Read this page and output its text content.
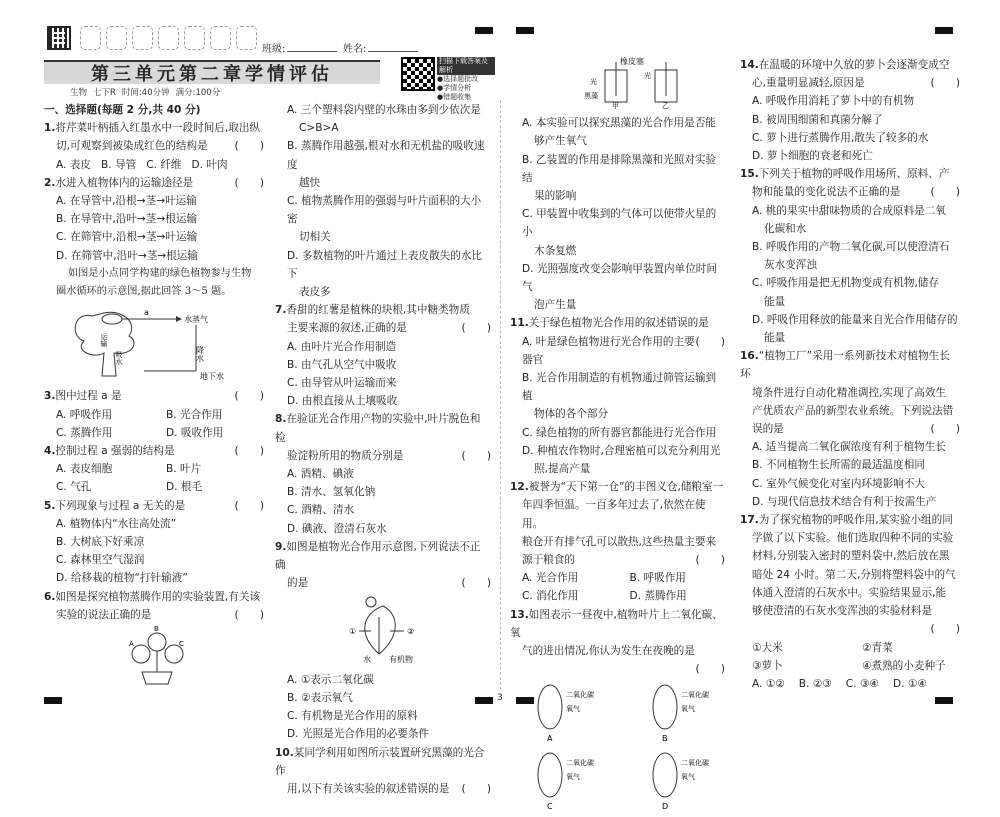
班级:	姓名:
第三单元第二章学情评估
生物 七下R 时间:40分钟 满分:100分
扫描下载答案及解析
●选择题批改
●学情分析
●错题收集
一、选择题(每题 2 分,共 40 分)
1.将芹菜叶柄插入红墨水中一段时间后,取出纵
切,可观察到被染成红色的结构是	(　　)
A. 表皮 B. 导管 C. 纤维 D. 叶肉
2.水进入植物体内的运输途径是	(　　)
A. 在导管中,沿根→茎→叶运输
B. 在导管中,沿叶→茎→根运输
C. 在筛管中,沿根→茎→叶运输
D. 在筛管中,沿叶→茎→根运输
如图是小点同学构建的绿色植物参与生物
圈水循环的示意图,据此回答 3～5 题。
a
水蒸气
降水
地下水
运输
吸水
3.图中过程 a 是	(　　)
A. 呼吸作用	B. 光合作用
C. 蒸腾作用	D. 吸收作用
4.控制过程 a 强弱的结构是	(　　)
A. 表皮细胞	B. 叶片
C. 气孔	D. 根毛
5.下列现象与过程 a 无关的是	(　　)
A. 植物体内“水往高处流”
B. 大树底下好乘凉
C. 森林里空气湿润
D. 给移栽的植物“打针输液”
6.如图是探究植物蒸腾作用的实验装置,有关该
实验的说法正确的是	(　　)
B
A	C
A. 三个塑料袋内壁的水珠由多到少依次是
C>B>A
B. 蒸腾作用越强,根对水和无机盐的吸收速度
越快
C. 植物蒸腾作用的强弱与叶片面积的大小密
切相关
D. 多数植物的叶片通过上表皮散失的水比下
表皮多
7.香甜的红薯是植株的块根,其中糖类物质
主要来源的叙述,正确的是	(　　)
A. 由叶片光合作用制造
B. 由气孔从空气中吸收
C. 由导管从叶运输而来
D. 由根直接从土壤吸收
8.在验证光合作用产物的实验中,叶片脱色和检
验淀粉所用的物质分别是	(　　)
A. 酒精、碘液
B. 清水、氢氧化钠
C. 酒精、清水
D. 碘液、澄清石灰水
9.如图是植物光合作用示意图,下列说法不正确
的是	(　　)
①	②
水 有机物
A. ①表示二氧化碳
B. ②表示氧气
C. 有机物是光合作用的原料
D. 光照是光合作用的必要条件
10.某同学利用如图所示装置研究黑藻的光合作
用,以下有关该实验的叙述错误的是 (　　)
3
橡皮塞
光
光
黑藻
甲	乙
A. 本实验可以探究黑藻的光合作用是否能
够产生氧气
B. 乙装置的作用是排除黑藻和光照对实验结
果的影响
C. 甲装置中收集到的气体可以使带火星的小
木条复燃
D. 光照强度改变会影响甲装置内单位时间气
泡产生量
11.关于绿色植物光合作用的叙述错误的是
(　　)
A. 叶是绿色植物进行光合作用的主要器官
B. 光合作用制造的有机物通过筛管运输到植
物体的各个部分
C. 绿色植物的所有器官都能进行光合作用
D. 种植农作物时,合理密植可以充分利用光
照,提高产量
12.被誉为“天下第一仓”的丰图义仓,储粮室一
年四季恒温。一百多年过去了,依然在使用。
粮仓开有排气孔可以散热,这些热量主要来
源于粮食的	(　　)
A. 光合作用	B. 呼吸作用
C. 消化作用	D. 蒸腾作用
13.如图表示一昼夜中,植物叶片上二氧化碳、氧
气的进出情况,你认为发生在夜晚的是
(　　)
二氧化碳
氧气
A
二氧化碳
氧气
B
二氧化碳
氧气
C
二氧化碳
氧气
D
14.在温暖的环境中久放的萝卜会逐渐变成空
心,重量明显减轻,原因是	(　　)
A. 呼吸作用消耗了萝卜中的有机物
B. 被周围细菌和真菌分解了
C. 萝卜进行蒸腾作用,散失了较多的水
D. 萝卜细胞的衰老和死亡
15.下列关于植物的呼吸作用场所、原料、产
物和能量的变化说法不正确的是	(　　)
A. 桃的果实中甜味物质的合成原料是二氧
化碳和水
B. 呼吸作用的产物二氧化碳,可以使澄清石
灰水变浑浊
C. 呼吸作用是把无机物变成有机物,储存
能量
D. 呼吸作用释放的能量来自光合作用储存的
能量
16.“植物工厂”采用一系列新技术对植物生长环
境条件进行自动化精准调控,实现了高效生
产优质农产品的新型农业系统。下列说法错
误的是	(　　)
A. 适当提高二氧化碳浓度有利于植物生长
B. 不同植物生长所需的最适温度相同
C. 室外气候变化对室内环境影响不大
D. 与现代信息技术结合有利于按需生产
17.为了探究植物的呼吸作用,某实验小组的同
学做了以下实验。他们选取四种不同的实验
材料,分别装入密封的塑料袋中,然后放在黑
暗处 24 小时。第二天,分别将塑料袋中的气
体通入澄清的石灰水中。实验结果显示,能
够使澄清的石灰水变浑浊的实验材料是
(　　)
①大米	②青菜
③萝卜	④煮熟的小麦种子
A. ①② B. ②③ C. ③④ D. ①④
